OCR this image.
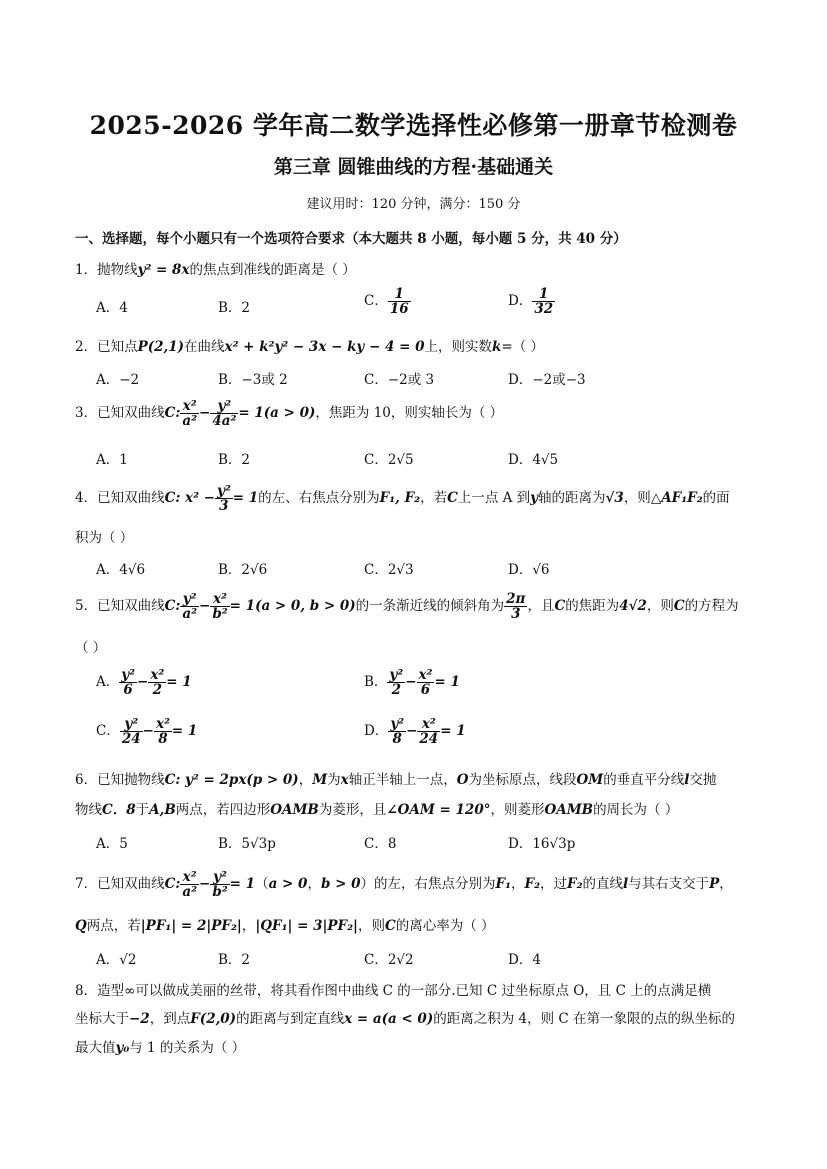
2025-2026 学年高二数学选择性必修第一册章节检测卷
第三章 圆锥曲线的方程·基础通关
建议用时：120 分钟，满分：150 分
一、选择题，每个小题只有一个选项符合要求（本大题共 8 小题，每小题 5 分，共 40 分）
1．抛物线y² = 8x的焦点到准线的距离是（ ）
A．4	B．2	C． $\frac{1}{16}$	D． $\frac{1}{32}$
2．已知点P(2,1)在曲线x² + k²y² − 3x − ky − 4 = 0上，则实数k=（ ）
A．−2	B．−3或 2	C．−2或 3	D．−2或−3
3．已知双曲线C: $\frac{\text{x²}}{\text{a²}} - \frac{\text{y²}}{\text{4a²}} = 1(a > 0)$，焦距为 10，则实轴长为（ ）
A．1	B．2	C．2√5	D．4√5
4．已知双曲线C: $x^2 - \frac{\text{y²}}{3} = 1$的左、右焦点分别为F₁, F₂，若C上一点 A 到y轴的距离为√3，则△AF₁F₂的面
积为（ ）
A．4√6	B．2√6	C．2√3	D．√6
5．已知双曲线C: $\frac{\text{y²}}{\text{a²}} - \frac{\text{x²}}{\text{b²}} = 1(a > 0$, b > 0)的一条渐近线的倾斜角为 $\frac{2\pi}{3}$ ，且C的焦距为4√2，则C的方程为
（ ）
A． $\frac{\text{y²}}{6} - \frac{\text{x²}}{2} = 1$	B． $\frac{\text{y²}}{2} - \frac{\text{x²}}{6} = 1$
C． $\frac{\text{y²}}{24} - \frac{\text{x²}}{8} = 1$	D． $\frac{\text{y²}}{8} - \frac{\text{x²}}{24} = 1$
6．已知抛物线C: y² = 2px(p > 0)，M为x轴正半轴上一点，O为坐标原点，线段OM的垂直平分线l交抛
物线C．8于A,B两点，若四边形OAMB为菱形，且∠OAM = 120°，则菱形OAMB的周长为（ ）
A．5	B．5√3p	C．8	D．16√3p
7．已知双曲线C: $\frac{\text{x²}}{\text{a²}} - \frac{\text{y²}}{\text{b²}} = 1(a > 0$，b > 0）的左，右焦点分别为F₁，F₂，过F₂的直线l与其右支交于P，
Q两点，若|PF₁| = 2|PF₂|，|QF₁| = 3|PF₂|，则C的离心率为（ ）
A．√2	B．2	C．2√2	D．4
8．造型∞可以做成美丽的丝带，将其看作图中曲线 C 的一部分.已知 C 过坐标原点 O，且 C 上的点满足横
坐标大于−2，到点F(2,0)的距离与到定直线x = a(a < 0)的距离之积为 4，则 C 在第一象限的点的纵坐标的
最大值y₀与 1 的关系为（ ）
